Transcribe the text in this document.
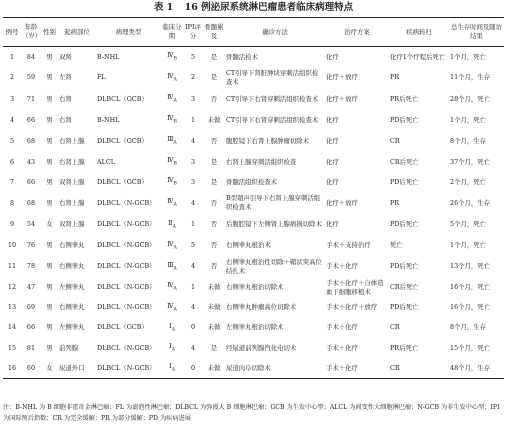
表 1 16 例泌尿系统淋巴瘤患者临床病理特点
例号	年龄（岁）	性别	起病部位	病理类型	临床分期	IPI评分	骨髓累及	确诊方法	治疗方案	疾病转归	总生存时间及随访结果
1	84	男	双肾	B-NHL	$Ⅳ_B$	5	是	骨髓活检术	化疗	化疗1个疗程后死亡	1个月，死亡
2	59	男	左肾	FL	$Ⅳ_A$	2	是	CT引导下肾脏肿块穿刺活组织检查术	化疗＋放疗	PR	11个月，生存
3	71	男	右肾	DLBCL（GCB）	$Ⅳ_A$	3	否	CT引导下右肾穿刺活组织检查术	化疗＋放疗	PR后死亡	28个月，死亡
4	66	男	右肾	B-NHL	$Ⅳ_B$	1	未做	CT引导下右肾穿刺活组织检查术	化疗	PD后死亡	1个月，死亡
5	68	男	右肾上腺	DLBCL（GCB）	$Ⅲ_A$	4	否	腹腔镜下右肾上腺肿瘤切除术	化疗	CR	8个月，生存
6	43	男	右肾上腺	ALCL	$Ⅳ_B$	3	是	右肾上腺穿刺活组织检查	化疗	CR后死亡	37个月，死亡
7	66	男	双肾上腺	DLBCL（GCB）	$Ⅳ_B$	3	是	骨髓活组织检查术	化疗	PD后死亡	2个月，死亡
8	68	男	右肾上腺	DLBCL（N-GCB）	$Ⅳ_A$	4	否	B型超声引导下右肾上腺穿刺活组织检查术	化疗＋放疗	PR	26个月，生存
9	54	女	双肾上腺	DLBCL（N-GCB）	$Ⅱ_A$	1	否	后腹腔镜下左侧肾上腺病损切除术	化疗	PD后死亡	5个月，死亡
10	76	男	右侧睾丸	DLBCL（N-GCB）	$Ⅳ_A$	5	否	右侧睾丸根治术	手术＋支持治疗	死亡	1个月，死亡
11	78	男	右侧睾丸	DLBCL（N-GCB）	$Ⅲ_A$	4	否	右侧睾丸根治性切除＋鞘状突高位结扎术	手术＋化疗	PD后死亡	13个月，死亡
12	47	男	左侧睾丸	DLBCL（N-GCB）	$Ⅳ_A$	1	未做	右侧睾丸根治切除术	手术＋化疗＋自体造血干细胞移植术	CR后死亡	16个月，死亡
13	69	男	右侧睾丸	DLBCL（N-GCB）	$Ⅳ_A$	4	未做	右侧睾丸肿瘤高位切除术	手术＋化疗＋放疗	PD后死亡	16个月，死亡
14	66	男	左侧睾丸	DLBCL（GCB）	$Ⅰ_A$	0	未做	左侧睾丸根治切除术	手术＋化疗	CR	8个月，生存
15	81	男	前列腺	DLBCL（N-GCB）	$Ⅰ_A$	4	是	经尿道前列腺汽化电切术	手术＋化疗	PR后死亡	15个月，死亡
16	60	女	尿道外口	DLBCL（N-GCB）	$Ⅰ_A$	0	未做	尿道肉阜切除术	手术＋化疗	CR	48个月，生存
注：B-NHL 为 B 细胞非霍奇金淋巴瘤；FL 为滤泡性淋巴瘤；DLBCL 为弥漫大 B 细胞淋巴瘤；GCB 为生发中心型；ALCL 为间变性大细胞淋巴瘤；N-GCB 为非生发中心型；IPI 为国际预后指数；CR 为完全缓解；PR 为部分缓解；PD 为疾病进展
